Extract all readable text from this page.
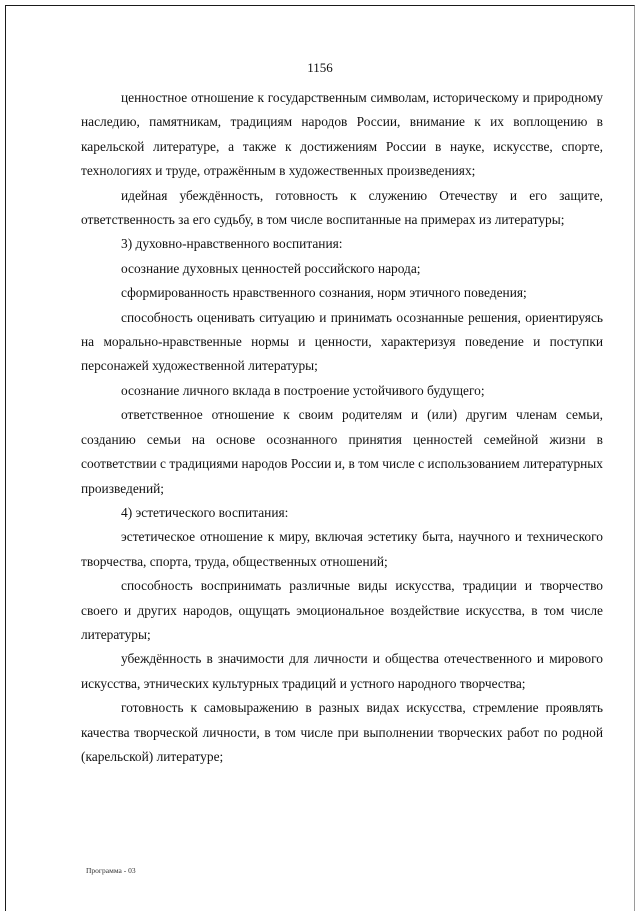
1156

ценностное отношение к государственным символам, историческому и природному наследию, памятникам, традициям народов России, внимание к их воплощению в карельской литературе, а также к достижениям России в науке, искусстве, спорте, технологиях и труде, отражённым в художественных произведениях;

идейная убеждённость, готовность к служению Отечеству и его защите, ответственность за его судьбу, в том числе воспитанные на примерах из литературы;

3) духовно-нравственного воспитания:

осознание духовных ценностей российского народа;

сформированность нравственного сознания, норм этичного поведения;

способность оценивать ситуацию и принимать осознанные решения, ориентируясь на морально-нравственные нормы и ценности, характеризуя поведение и поступки персонажей художественной литературы;

осознание личного вклада в построение устойчивого будущего;

ответственное отношение к своим родителям и (или) другим членам семьи, созданию семьи на основе осознанного принятия ценностей семейной жизни в соответствии с традициями народов России и, в том числе с использованием литературных произведений;

4) эстетического воспитания:

эстетическое отношение к миру, включая эстетику быта, научного и технического творчества, спорта, труда, общественных отношений;

способность воспринимать различные виды искусства, традиции и творчество своего и других народов, ощущать эмоциональное воздействие искусства, в том числе литературы;

убеждённость в значимости для личности и общества отечественного и мирового искусства, этнических культурных традиций и устного народного творчества;

готовность к самовыражению в разных видах искусства, стремление проявлять качества творческой личности, в том числе при выполнении творческих работ по родной (карельской) литературе;

Программа - 03
